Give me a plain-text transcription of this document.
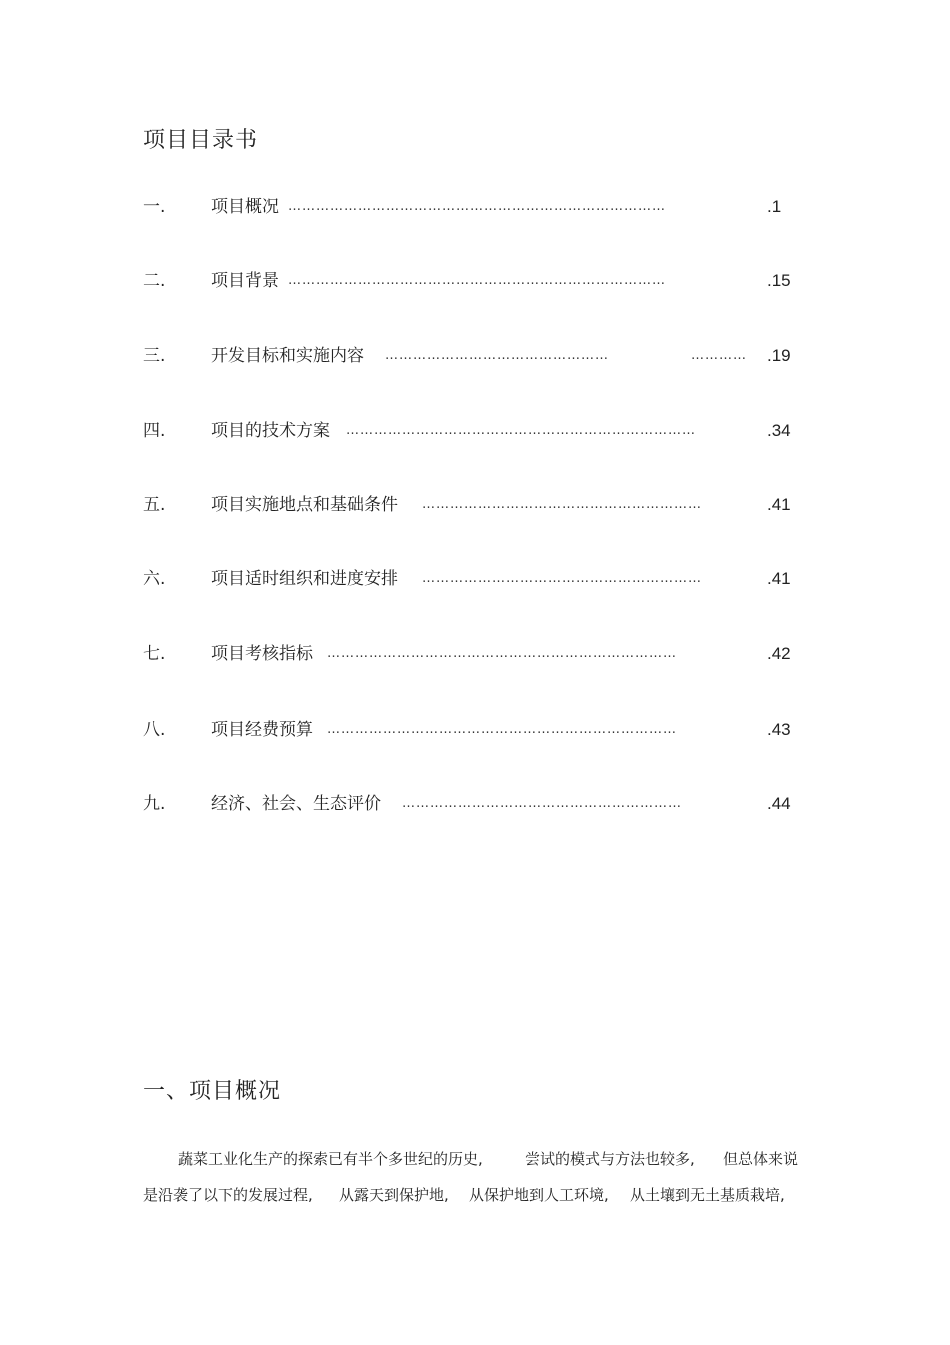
项目目录书
一.	项目概况 ………………………………………………………………………	.1
二.	项目背景 ………………………………………………………………………	.15
三.	开发目标和实施内容 …………………………………………	…………	.19
四.	项目的技术方案 …………………………………………………………………	.34
五.	项目实施地点和基础条件 ……………………………………………………	.41
六.	项目适时组织和进度安排 ……………………………………………………	.41
七.	项目考核指标 …………………………………………………………………	.42
八.	项目经费预算 …………………………………………………………………	.43
九.	经济、社会、生态评价 ……………………………………………………	.44
一、项目概况
蔬菜工业化生产的探索已有半个多世纪的历史,	尝试的模式与方法也较多, 但总体来说
是沿袭了以下的发展过程, 从露天到保护地, 从保护地到人工环境, 从土壤到无土基质栽培,
